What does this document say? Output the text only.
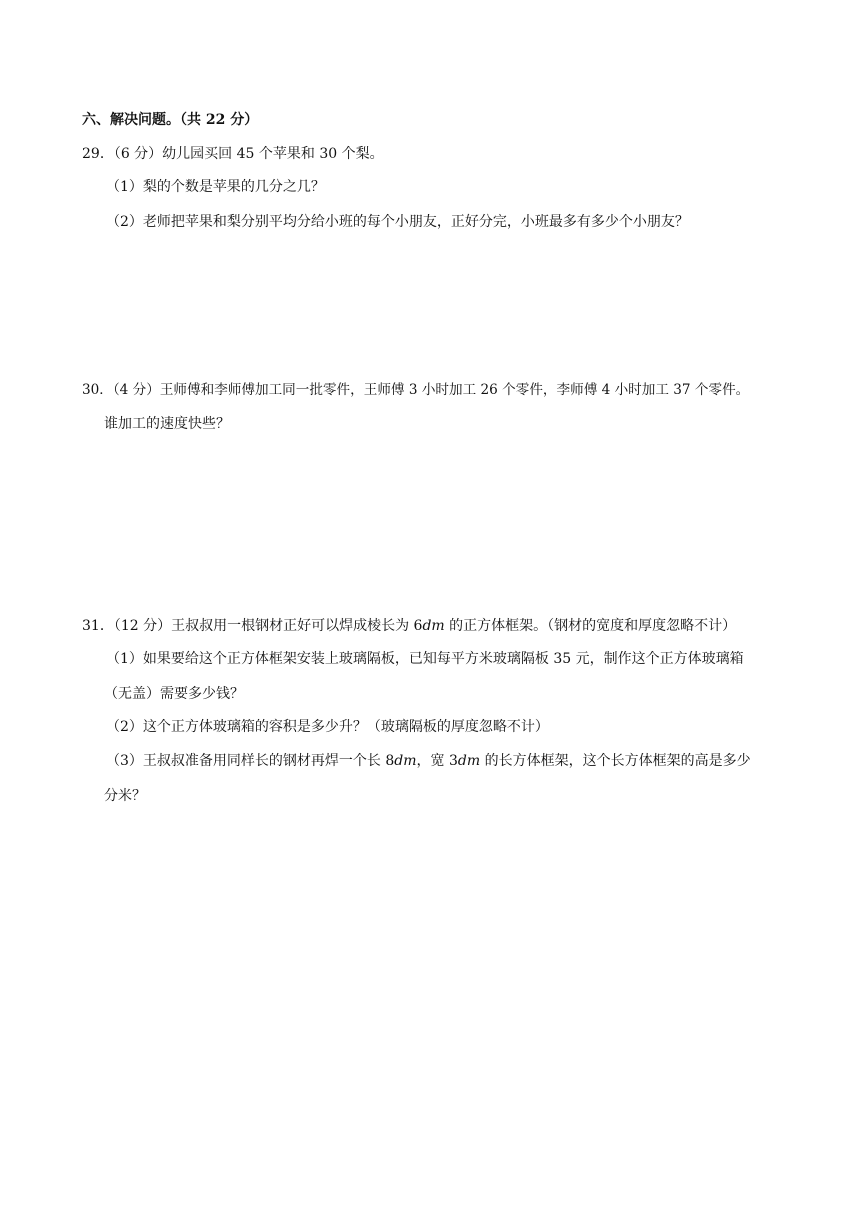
六、解决问题。（共 22 分）
29．（6 分）幼儿园买回 45 个苹果和 30 个梨。
（1）梨的个数是苹果的几分之几？
（2）老师把苹果和梨分别平均分给小班的每个小朋友，正好分完，小班最多有多少个小朋友？
30．（4 分）王师傅和李师傅加工同一批零件，王师傅 3 小时加工 26 个零件，李师傅 4 小时加工 37 个零件。
谁加工的速度快些？
31．（12 分）王叔叔用一根钢材正好可以焊成棱长为 6dm 的正方体框架。（钢材的宽度和厚度忽略不计）
（1）如果要给这个正方体框架安装上玻璃隔板，已知每平方米玻璃隔板 35 元，制作这个正方体玻璃箱
（无盖）需要多少钱？
（2）这个正方体玻璃箱的容积是多少升？（玻璃隔板的厚度忽略不计）
（3）王叔叔准备用同样长的钢材再焊一个长 8dm，宽 3dm 的长方体框架，这个长方体框架的高是多少
分米？
